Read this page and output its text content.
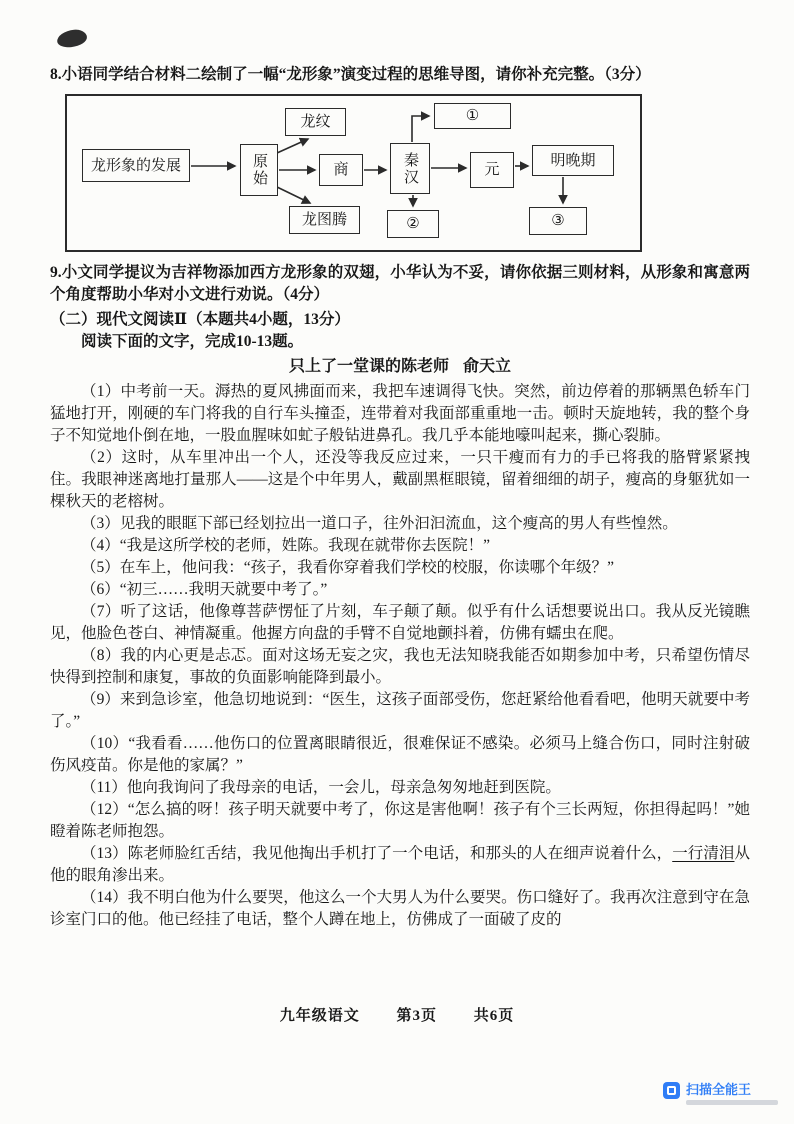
8.小语同学结合材料二绘制了一幅“龙形象”演变过程的思维导图，请你补充完整。（3分）

龙形象的发展
龙纹	①
原始	商	秦汉	元
明晚期
龙图腾	②	③

9.小文同学提议为吉祥物添加西方龙形象的双翅，小华认为不妥，请你依据三则材料，从形象和寓意两个角度帮助小华对小文进行劝说。（4分）

（二）现代文阅读Ⅱ（本题共4小题，13分）

阅读下面的文字，完成10-13题。

只上了一堂课的陈老师 俞天立

（1）中考前一天。溽热的夏风拂面而来，我把车速调得飞快。突然，前边停着的那辆黑色轿车门猛地打开，刚硬的车门将我的自行车头撞歪，连带着对我面部重重地一击。顿时天旋地转，我的整个身子不知觉地仆倒在地，一股血腥味如虻子般钻进鼻孔。我几乎本能地嚎叫起来，撕心裂肺。

（2）这时，从车里冲出一个人，还没等我反应过来，一只干瘦而有力的手已将我的胳臂紧紧拽住。我眼神迷离地打量那人——这是个中年男人，戴副黑框眼镜，留着细细的胡子，瘦高的身躯犹如一棵秋天的老榕树。

（3）见我的眼眶下部已经划拉出一道口子，往外汩汩流血，这个瘦高的男人有些惶然。

（4）“我是这所学校的老师，姓陈。我现在就带你去医院！”

（5）在车上，他问我：“孩子，我看你穿着我们学校的校服，你读哪个年级？”

（6）“初三……我明天就要中考了。”

（7）听了这话，他像尊菩萨愣怔了片刻，车子颠了颠。似乎有什么话想要说出口。我从反光镜瞧见，他脸色苍白、神情凝重。他握方向盘的手臂不自觉地颤抖着，仿佛有蠕虫在爬。

（8）我的内心更是忐忑。面对这场无妄之灾，我也无法知晓我能否如期参加中考，只希望伤情尽快得到控制和康复，事故的负面影响能降到最小。

（9）来到急诊室，他急切地说到：“医生，这孩子面部受伤，您赶紧给他看看吧，他明天就要中考了。”

（10）“我看看……他伤口的位置离眼睛很近，很难保证不感染。必须马上缝合伤口，同时注射破伤风疫苗。你是他的家属？”

（11）他向我询问了我母亲的电话，一会儿，母亲急匆匆地赶到医院。

（12）“怎么搞的呀！孩子明天就要中考了，你这是害他啊！孩子有个三长两短，你担得起吗！”她瞪着陈老师抱怨。

（13）陈老师脸红舌结，我见他掏出手机打了一个电话，和那头的人在细声说着什么，一行清泪从他的眼角渗出来。

（14）我不明白他为什么要哭，他这么一个大男人为什么要哭。伤口缝好了。我再次注意到守在急诊室门口的他。他已经挂了电话，整个人蹲在地上，仿佛成了一面破了皮的

九年级语文 第3页 共6页
扫描全能王
